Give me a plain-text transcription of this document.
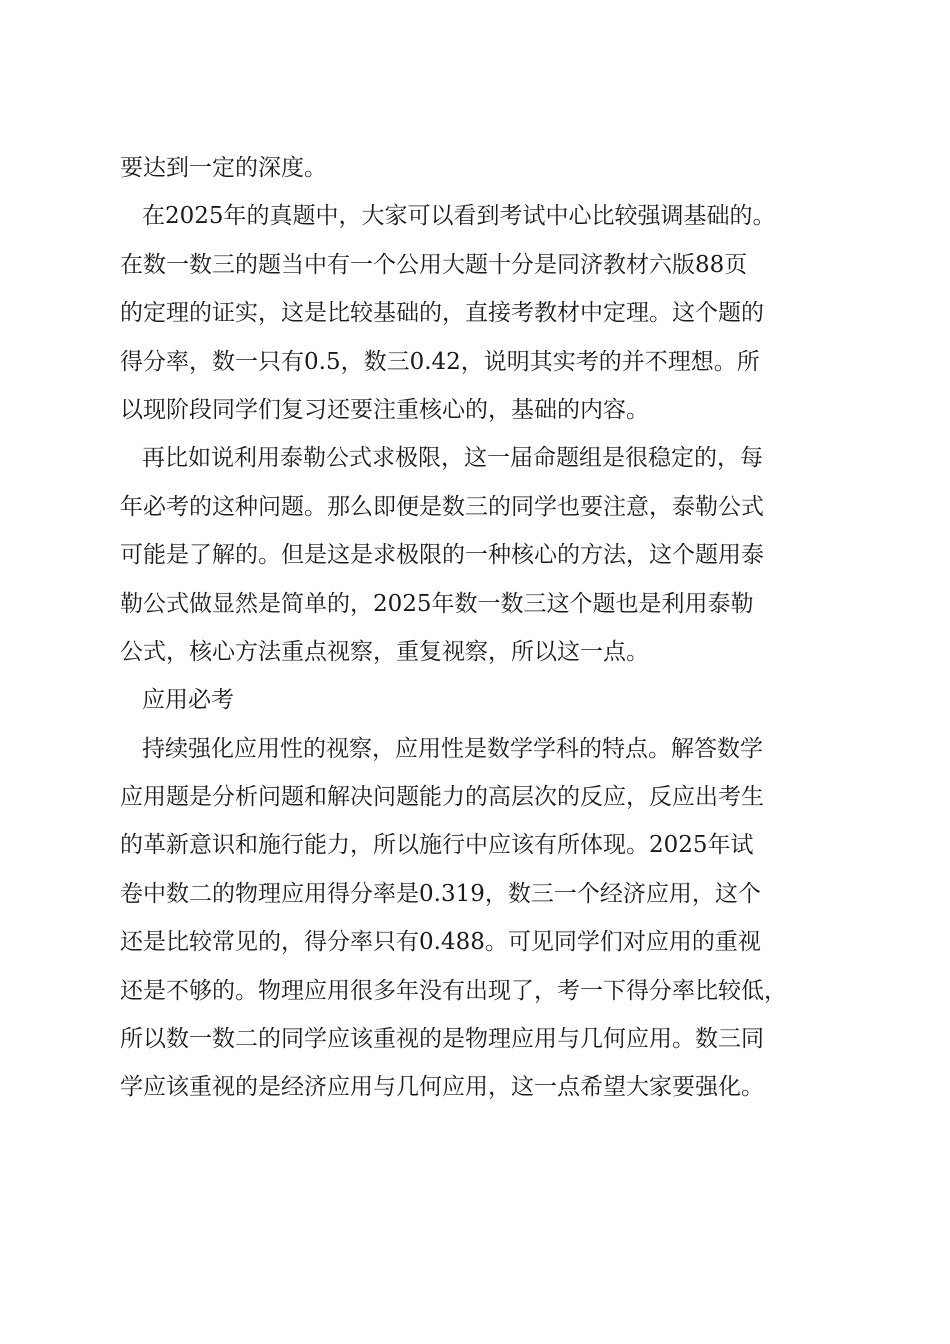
要达到一定的深度。
在2025年的真题中，大家可以看到考试中心比较强调基础的。
在数一数三的题当中有一个公用大题十分是同济教材六版88页
的定理的证实，这是比较基础的，直接考教材中定理。这个题的
得分率，数一只有0.5，数三0.42，说明其实考的并不理想。所
以现阶段同学们复习还要注重核心的，基础的内容。
再比如说利用泰勒公式求极限，这一届命题组是很稳定的，每
年必考的这种问题。那么即便是数三的同学也要注意，泰勒公式
可能是了解的。但是这是求极限的一种核心的方法，这个题用泰
勒公式做显然是简单的，2025年数一数三这个题也是利用泰勒
公式，核心方法重点视察，重复视察，所以这一点。
应用必考
持续强化应用性的视察，应用性是数学学科的特点。解答数学
应用题是分析问题和解决问题能力的高层次的反应，反应出考生
的革新意识和施行能力，所以施行中应该有所体现。2025年试
卷中数二的物理应用得分率是0.319，数三一个经济应用，这个
还是比较常见的，得分率只有0.488。可见同学们对应用的重视
还是不够的。物理应用很多年没有出现了，考一下得分率比较低，
所以数一数二的同学应该重视的是物理应用与几何应用。数三同
学应该重视的是经济应用与几何应用，这一点希望大家要强化。
